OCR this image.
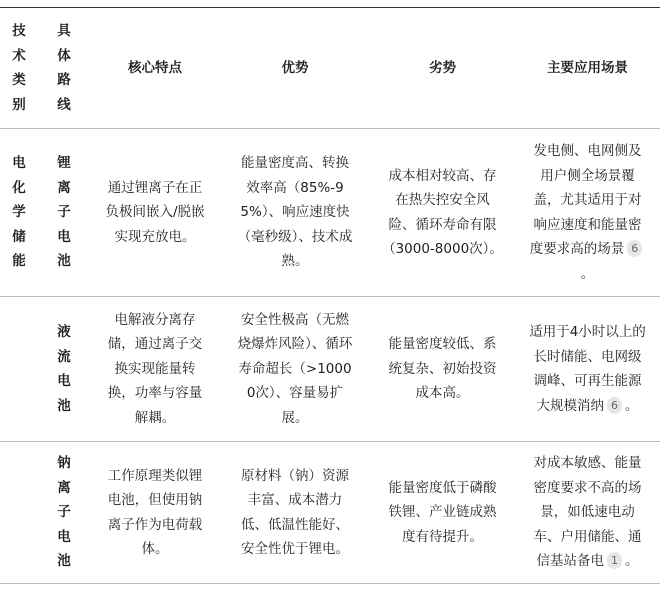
技术类别	具体路线	核心特点	优势	劣势	主要应用场景
电化学储能	锂离子电池	通过锂离子在正负极间嵌入/脱嵌实现充放电。	能量密度高、转换效率高（85%-95%）、响应速度快（毫秒级）、技术成熟。	成本相对较高、存在热失控安全风险、循环寿命有限（3000-8000次）。	发电侧、电网侧及用户侧全场景覆盖，尤其适用于对响应速度和能量密度要求高的场景 6。
	液流电池	电解液分离存储，通过离子交换实现能量转换，功率与容量解耦。	安全性极高（无燃烧爆炸风险）、循环寿命超长（>10000次）、容量易扩展。	能量密度较低、系统复杂、初始投资成本高。	适用于4小时以上的长时储能、电网级调峰、可再生能源大规模消纳 6 。
	钠离子电池	工作原理类似锂电池，但使用钠离子作为电荷载体。	原材料（钠）资源丰富、成本潜力低、低温性能好、安全性优于锂电。	能量密度低于磷酸铁锂、产业链成熟度有待提升。	对成本敏感、能量密度要求不高的场景，如低速电动车、户用储能、通信基站备电 1 。
